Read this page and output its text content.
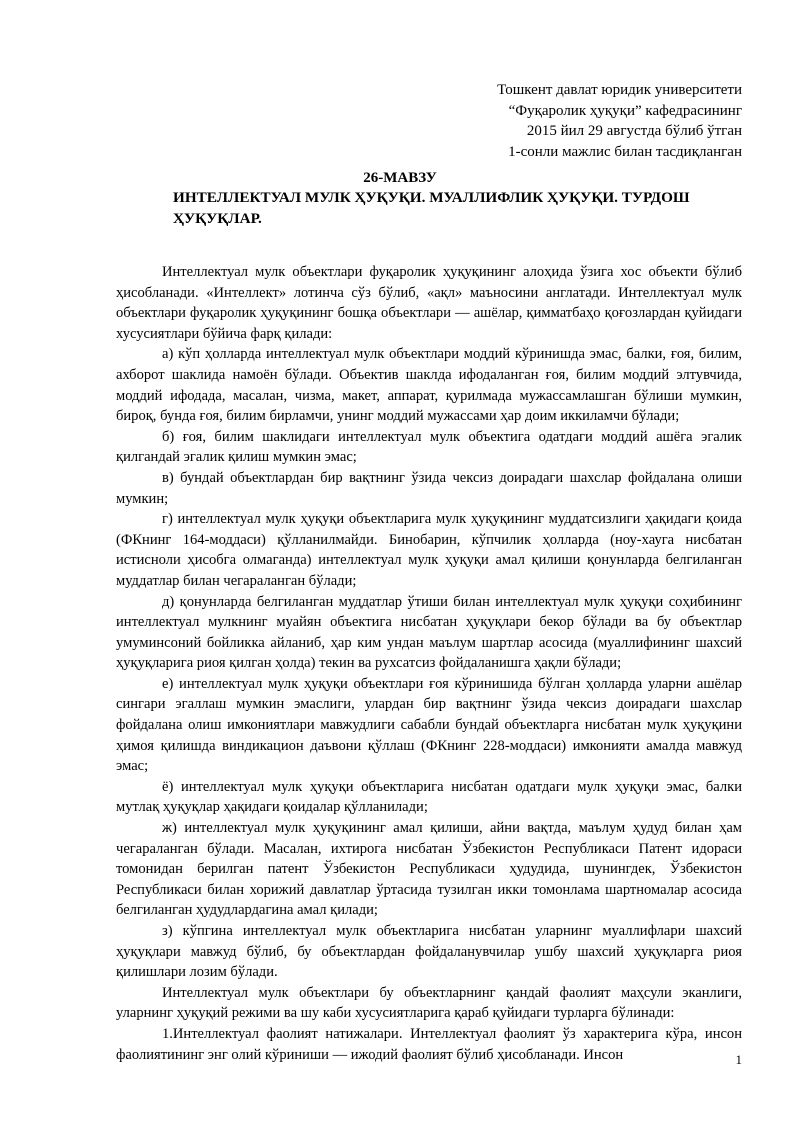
Тошкент давлат юридик университети
“Фуқаролик ҳуқуқи” кафедрасининг
2015 йил 29 августда бўлиб ўтган
1-сонли мажлис билан тасдиқланган
26-МАВЗУ
ИНТЕЛЛЕКТУАЛ МУЛК ҲУҚУҚИ. МУАЛЛИФЛИК ҲУҚУҚИ. ТУРДОШ ҲУҚУҚЛАР.

Интеллектуал мулк объектлари фуқаролик ҳуқуқининг алоҳида ўзига хос объекти бўлиб ҳисобланади. «Интеллект» лотинча сўз бўлиб, «ақл» маъносини англатади. Интеллектуал мулк объектлари фуқаролик ҳуқуқининг бошқа объектлари — ашёлар, қимматбаҳо қоғозлардан қуйидаги хусусиятлари бўйича фарқ қилади:

а) кўп ҳолларда интеллектуал мулк объектлари моддий кўринишда эмас, балки, ғоя, билим, ахборот шаклида намоён бўлади. Объектив шаклда ифодаланган ғоя, билим моддий элтувчида, моддий ифодада, масалан, чизма, макет, аппарат, қурилмада мужассамлашган бўлиши мумкин, бироқ, бунда ғоя, билим бирламчи, унинг моддий мужассами ҳар доим иккиламчи бўлади;

б) ғоя, билим шаклидаги интеллектуал мулк объектига одатдаги моддий ашёга эгалик қилгандай эгалик қилиш мумкин эмас;

в) бундай объектлардан бир вақтнинг ўзида чексиз доирадаги шахслар фойдалана олиши мумкин;

г) интеллектуал мулк ҳуқуқи объектларига мулк ҳуқуқининг муддатсизлиги ҳақидаги қоида (ФКнинг 164-моддаси) қўлланилмайди. Бинобарин, кўпчилик ҳолларда (ноу-хауга нисбатан истисноли ҳисобга олмаганда) интеллектуал мулк ҳуқуқи амал қилиши қонунларда белгиланган муддатлар билан чегараланган бўлади;

д) қонунларда белгиланган муддатлар ўтиши билан интеллектуал мулк ҳуқуқи соҳибининг интеллектуал мулкнинг муайян объектига нисбатан ҳуқуқлари бекор бўлади ва бу объектлар умуминсоний бойликка айланиб, ҳар ким ундан маълум шартлар асосида (муаллифининг шахсий ҳуқуқларига риоя қилган ҳолда) текин ва рухсатсиз фойдаланишга ҳақли бўлади;

е) интеллектуал мулк ҳуқуқи объектлари ғоя кўринишида бўлган ҳолларда уларни ашёлар сингари эгаллаш мумкин эмаслиги, улардан бир вақтнинг ўзида чексиз доирадаги шахслар фойдалана олиш имкониятлари мавжудлиги сабабли бундай объектларга нисбатан мулк ҳуқуқини ҳимоя қилишда виндикацион даъвони қўллаш (ФКнинг 228-моддаси) имконияти амалда мавжуд эмас;

ё) интеллектуал мулк ҳуқуқи объектларига нисбатан одатдаги мулк ҳуқуқи эмас, балки мутлақ ҳуқуқлар ҳақидаги қоидалар қўлланилади;

ж) интеллектуал мулк ҳуқуқининг амал қилиши, айни вақтда, маълум ҳудуд билан ҳам чегараланган бўлади. Масалан, ихтирога нисбатан Ўзбекистон Республикаси Патент идораси томонидан берилган патент Ўзбекистон Республикаси ҳудудида, шунингдек, Ўзбекистон Республикаси билан хорижий давлатлар ўртасида тузилган икки томонлама шартномалар асосида белгиланган ҳудудлардагина амал қилади;

з) кўпгина интеллектуал мулк объектларига нисбатан уларнинг муаллифлари шахсий ҳуқуқлари мавжуд бўлиб, бу объектлардан фойдаланувчилар ушбу шахсий ҳуқуқларга риоя қилишлари лозим бўлади.

Интеллектуал мулк объектлари бу объектларнинг қандай фаолият маҳсули эканлиги, уларнинг ҳуқуқий режими ва шу каби хусусиятларига қараб қуйидаги турларга бўлинади:

1.Интеллектуал фаолият натижалари. Интеллектуал фаолият ўз характерига кўра, инсон фаолиятининг энг олий кўриниши — ижодий фаолият бўлиб ҳисобланади. Инсон	1
